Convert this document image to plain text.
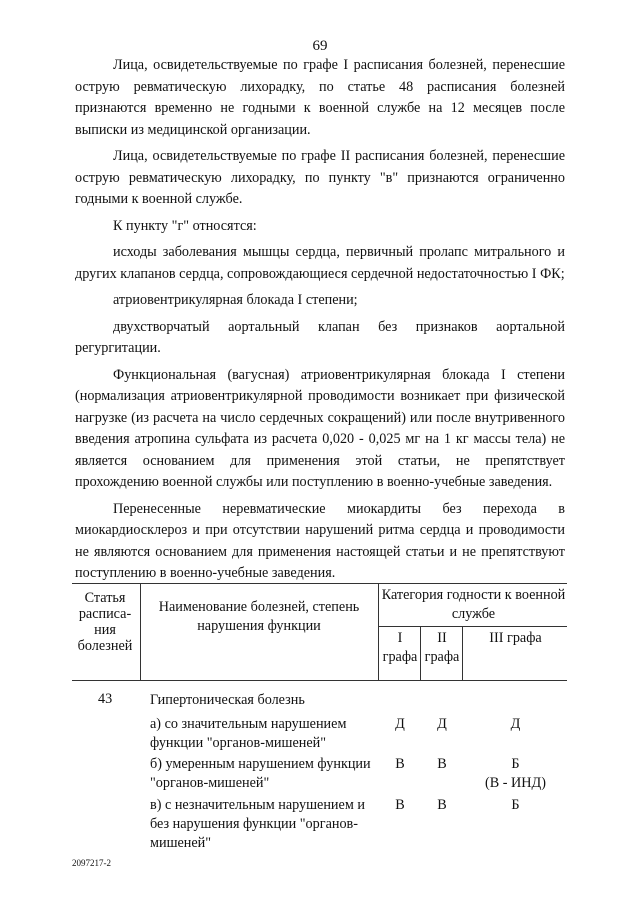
69

Лица, освидетельствуемые по графе I расписания болезней, перенесшие острую ревматическую лихорадку, по статье 48 расписания болезней признаются временно не годными к военной службе на 12 месяцев после выписки из медицинской организации.

Лица, освидетельствуемые по графе II расписания болезней, перенесшие острую ревматическую лихорадку, по пункту "в" признаются ограниченно годными к военной службе.

К пункту "г" относятся:

исходы заболевания мышцы сердца, первичный пролапс митрального и других клапанов сердца, сопровождающиеся сердечной недостаточностью I ФК;

атриовентрикулярная блокада I степени;

двухстворчатый аортальный клапан без признаков аортальной регургитации.

Функциональная (вагусная) атриовентрикулярная блокада I степени (нормализация атриовентрикулярной проводимости возникает при физической нагрузке (из расчета на число сердечных сокращений) или после внутривенного введения атропина сульфата из расчета 0,020 - 0,025 мг на 1 кг массы тела) не является основанием для применения этой статьи, не препятствует прохождению военной службы или поступлению в военно-учебные заведения.

Перенесенные неревматические миокардиты без перехода в миокардиосклероз и при отсутствии нарушений ритма сердца и проводимости не являются основанием для применения настоящей статьи и не препятствуют поступлению в военно-учебные заведения.

Статья расписа- ния болезней
Наименование болезней, степень нарушения функции
Категория годности к военной службе
I графа
II графа
III графа
43	Гипертоническая болезнь
а) со значительным нарушением функции "органов-мишеней"
Д	Д	Д
б) умеренным нарушением функции "органов-мишеней"
В	В	Б
(В - ИНД)
в) с незначительным нарушением и без нарушения функции "органов-мишеней"
В	В	Б
2097217-2
